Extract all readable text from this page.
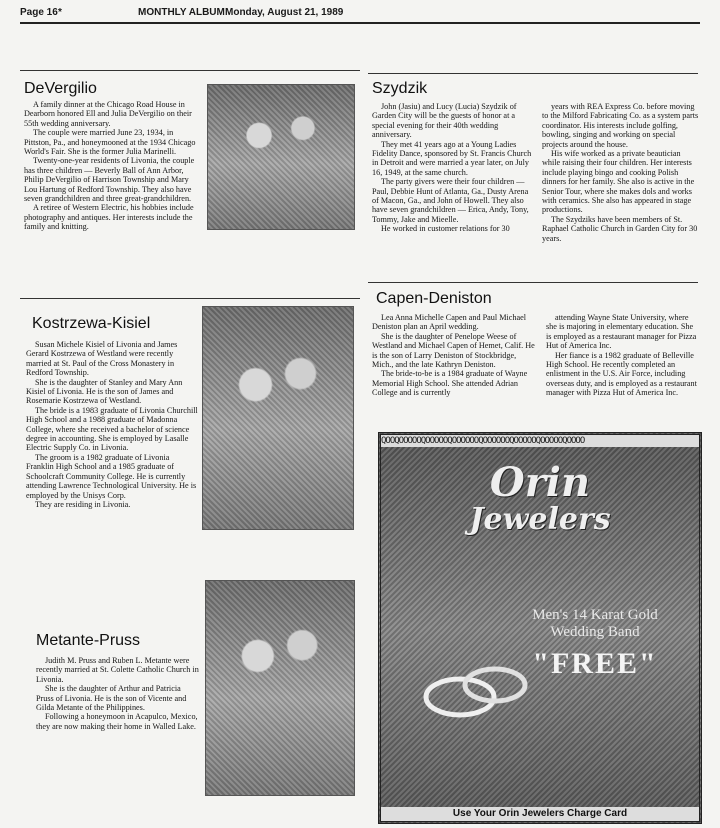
Page 16 *	MONTHLY ALBUM Monday, August 21, 1989
DeVergilio

A family dinner at the Chicago Road House in Dearborn honored Ell and Julia DeVergilio on their 55th wedding anniversary.

The couple were married June 23, 1934, in Pittston, Pa., and honeymooned at the 1934 Chicago World's Fair. She is the former Julia Marinelli.

Twenty-one-year residents of Livonia, the couple has three children — Beverly Ball of Ann Arbor, Philip DeVergilio of Harrison Township and Mary Lou Hartung of Redford Township. They also have seven grandchildren and three great-grandchildren.

A retiree of Western Electric, his hobbies include photography and antiques. Her interests include the family and knitting.

Szydzik

John (Jasiu) and Lucy (Lucia) Szydzik of Garden City will be the guests of honor at a special evening for their 40th wedding anniversary.

They met 41 years ago at a Young Ladies Fidelity Dance, sponsored by St. Francis Church in Detroit and were married a year later, on July 16, 1949, at the same church.

The party givers were their four children — Paul, Debbie Hunt of Atlanta, Ga., Dusty Arena of Macon, Ga., and John of Howell. They also have seven grandchildren — Erica, Andy, Tony, Tommy, Jake and Mieelle.

He worked in customer relations for 30

years with REA Express Co. before moving to the Milford Fabricating Co. as a system parts coordinator. His interests include golfing, bowling, singing and working on special projects around the house.

His wife worked as a private beautician while raising their four children. Her interests include playing bingo and cooking Polish dinners for her family. She also is active in the Senior Tour, where she makes dols and works with ceramics. She also has appeared in stage productions.

The Szydziks have been members of St. Raphael Catholic Church in Garden City for 30 years.

Kostrzewa-Kisiel

Susan Michele Kisiel of Livonia and James Gerard Kostrzewa of Westland were recently married at St. Paul of the Cross Monastery in Redford Township.

She is the daughter of Stanley and Mary Ann Kisiel of Livonia. He is the son of James and Rosemarie Kostrzewa of Westland.

The bride is a 1983 graduate of Livonia Churchill High School and a 1988 graduate of Madonna College, where she received a bachelor of science degree in accounting. She is employed by Lasalle Electric Supply Co. in Livonia.

The groom is a 1982 graduate of Livonia Franklin High School and a 1985 graduate of Schoolcraft Community College. He is currently attending Lawrence Technological University. He is employed by the Unisys Corp.

They are residing in Livonia.

Capen-Deniston

Lea Anna Michelle Capen and Paul Michael Deniston plan an April wedding.

She is the daughter of Penelope Weese of Westland and Michael Capen of Hemet, Calif. He is the son of Larry Deniston of Stockbridge, Mich., and the late Kathryn Deniston.

The bride-to-be is a 1984 graduate of Wayne Memorial High School. She attended Adrian College and is currently

attending Wayne State University, where she is majoring in elementary education. She is employed as a restaurant manager for Pizza Hut of America Inc.

Her fiance is a 1982 graduate of Belleville High School. He recently completed an enlistment in the U.S. Air Force, including overseas duty, and is employed as a restaurant manager with Pizza Hut of America Inc.

Metante-Pruss

Judith M. Pruss and Ruben L. Metante were recently married at St. Colette Catholic Church in Livonia.

She is the daughter of Arthur and Patricia Pruss of Livonia. He is the son of Vicente and Gilda Metante of the Philippines.

Following a honeymoon in Acapulco, Mexico, they are now making their home in Walled Lake.

QOOQOOOOOQOOOOOQOOOOOOQOOOOOOQOOOOOQOOOOOQOOOO
Orin
Jewelers
Men's 14 Karat Gold
Wedding Band
"FREE"
Use Your Orin Jewelers Charge Card
